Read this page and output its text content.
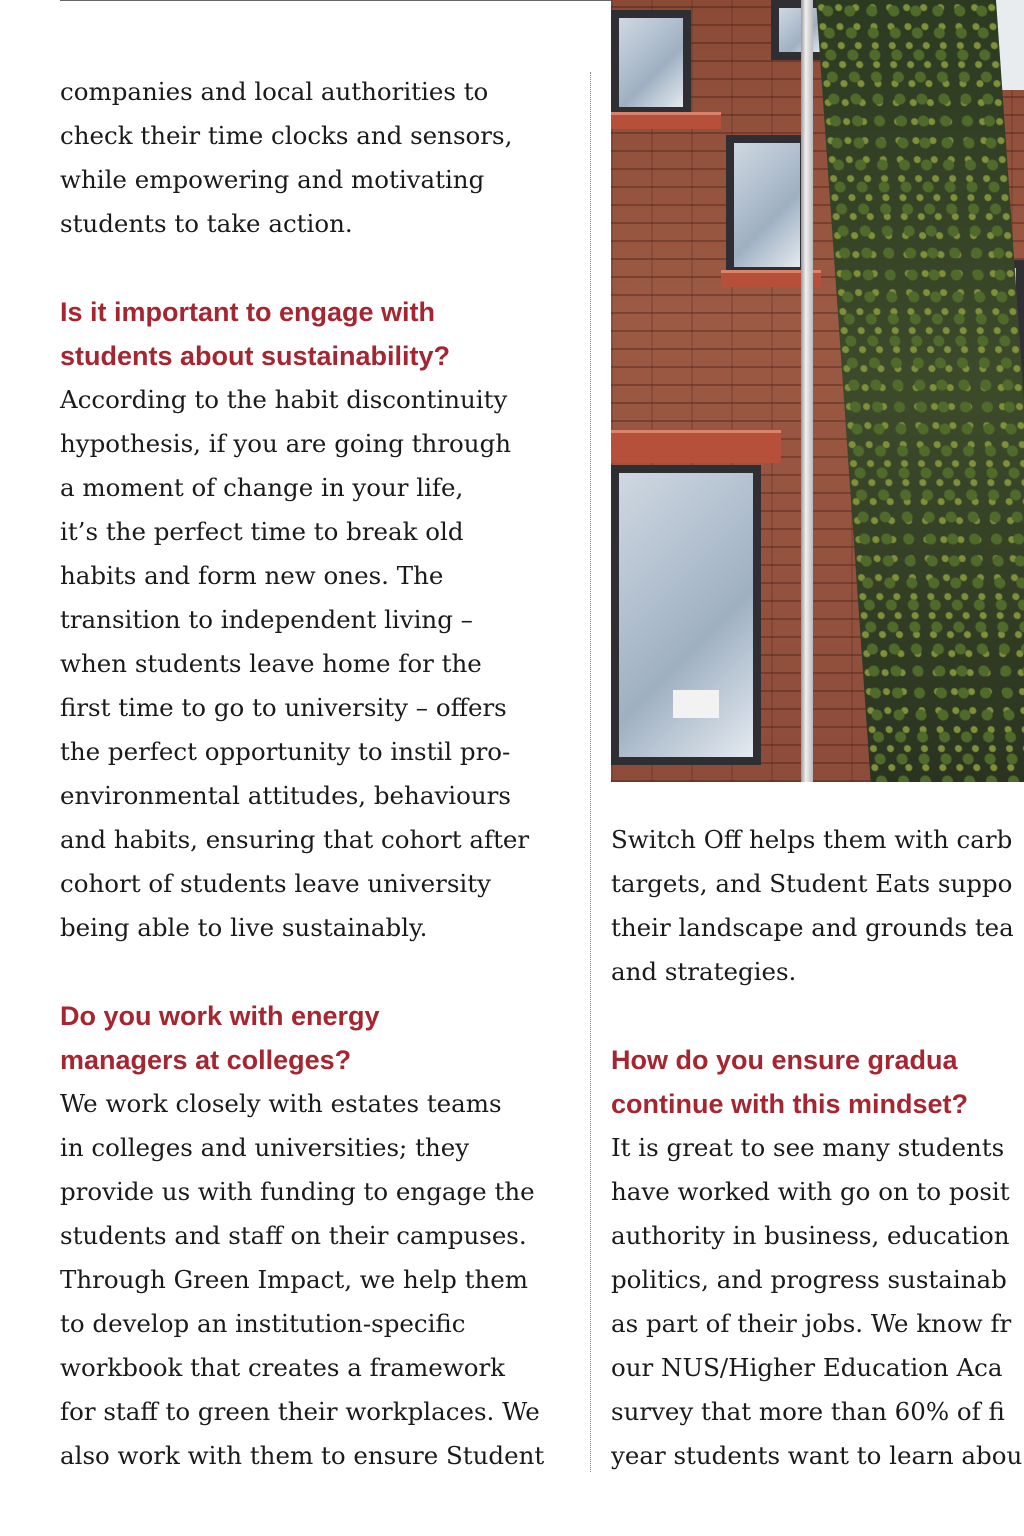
companies and local authorities to
check their time clocks and sensors,
while empowering and motivating
students to take action.

Is it important to engage with
students about sustainability?

According to the habit discontinuity
hypothesis, if you are going through
a moment of change in your life,
it’s the perfect time to break old
habits and form new ones. The
transition to independent living –
when students leave home for the
first time to go to university – offers
the perfect opportunity to instil pro-
environmental attitudes, behaviours
and habits, ensuring that cohort after
cohort of students leave university
being able to live sustainably.

Do you work with energy
managers at colleges?

We work closely with estates teams
in colleges and universities; they
provide us with funding to engage the
students and staff on their campuses.
Through Green Impact, we help them
to develop an institution-specific
workbook that creates a framework
for staff to green their workplaces. We
also work with them to ensure Student

Switch Off helps them with carb
targets, and Student Eats suppo
their landscape and grounds tea
and strategies.

How do you ensure gradua
continue with this mindset?

It is great to see many students
have worked with go on to posit
authority in business, education
politics, and progress sustainab
as part of their jobs. We know fr
our NUS/Higher Education Aca
survey that more than 60% of fi
year students want to learn abou
